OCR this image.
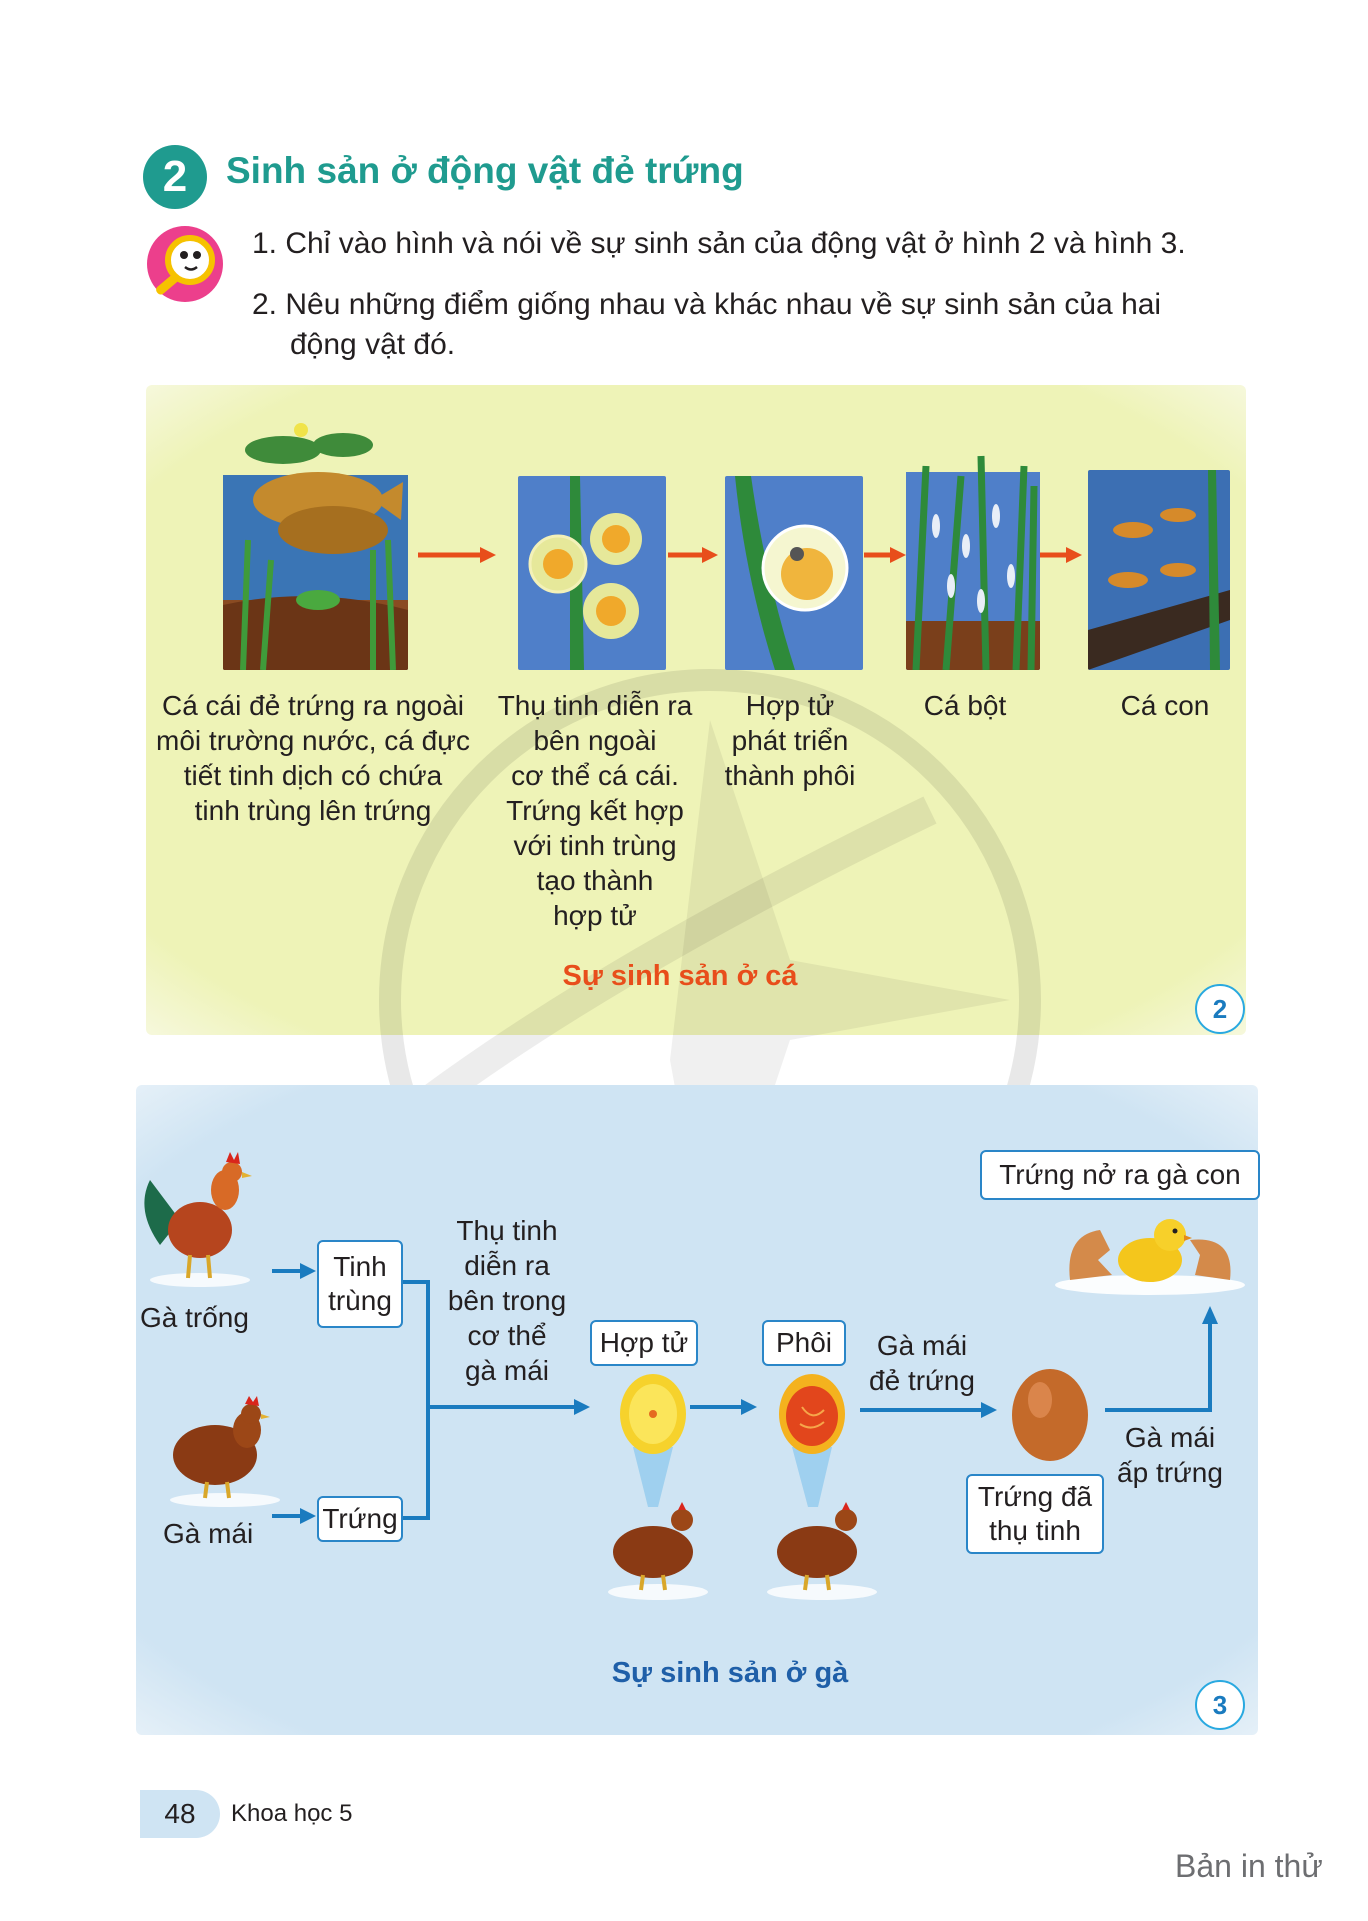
2	Sinh sản ở động vật đẻ trứng
1. Chỉ vào hình và nói về sự sinh sản của động vật ở hình 2 và hình 3.
2. Nêu những điểm giống nhau và khác nhau về sự sinh sản của hai
động vật đó.
Cá cái đẻ trứng ra ngoài
môi trường nước, cá đực
tiết tinh dịch có chứa
tinh trùng lên trứng
Thụ tinh diễn ra
bên ngoài
cơ thể cá cái.
Trứng kết hợp
với tinh trùng
tạo thành
hợp tử
Hợp tử
phát triển
thành phôi
Cá bột	Cá con
Sự sinh sản ở cá
2
Gà trống
Gà mái
Tinh
trùng
Trứng
Thụ tinh
diễn ra
bên trong
cơ thể
gà mái
Hợp tử	Phôi	Gà mái
đẻ trứng
Trứng đã
thụ tinh
Gà mái
ấp trứng
Trứng nở ra gà con
Sự sinh sản ở gà
3
48	Khoa học 5
Bản in thử
